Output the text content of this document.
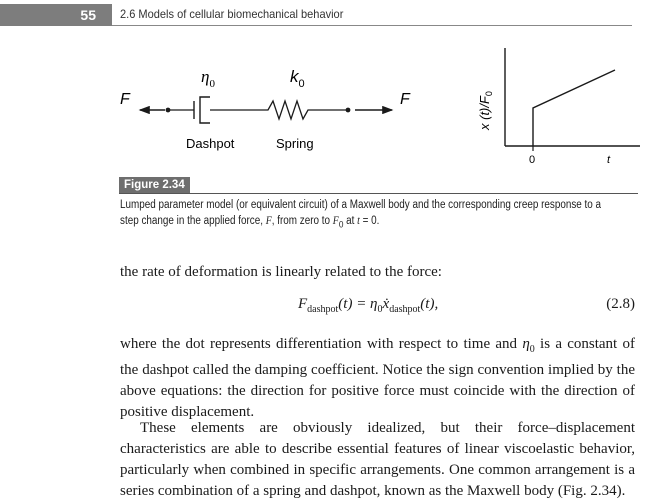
55	2.6 Models of cellular biomechanical behavior
F
$\eta_0$	$k_0$
F
Dashpot	Spring
0	t
x $(t)/F_0$
Figure 2.34
Lumped parameter model (or equivalent circuit) of a Maxwell body and the corresponding creep response to a step change in the applied force, F, from zero to $F_0$ at t = 0.

the rate of deformation is linearly related to the force:

$F_{dashpot}(t)$ = $\eta_0ẋ_{dashpot}(t)$,	(2.8)

where the dot represents differentiation with respect to time and $\eta_0$ is a constant of the dashpot called the damping coefficient. Notice the sign convention implied by the above equations: the direction for positive force must coincide with the direction of positive displacement.

These elements are obviously idealized, but their force–displacement characteristics are able to describe essential features of linear viscoelastic behavior, particularly when combined in specific arrangements. One common arrangement is a series combination of a spring and dashpot, known as the Maxwell body (Fig. 2.34).
